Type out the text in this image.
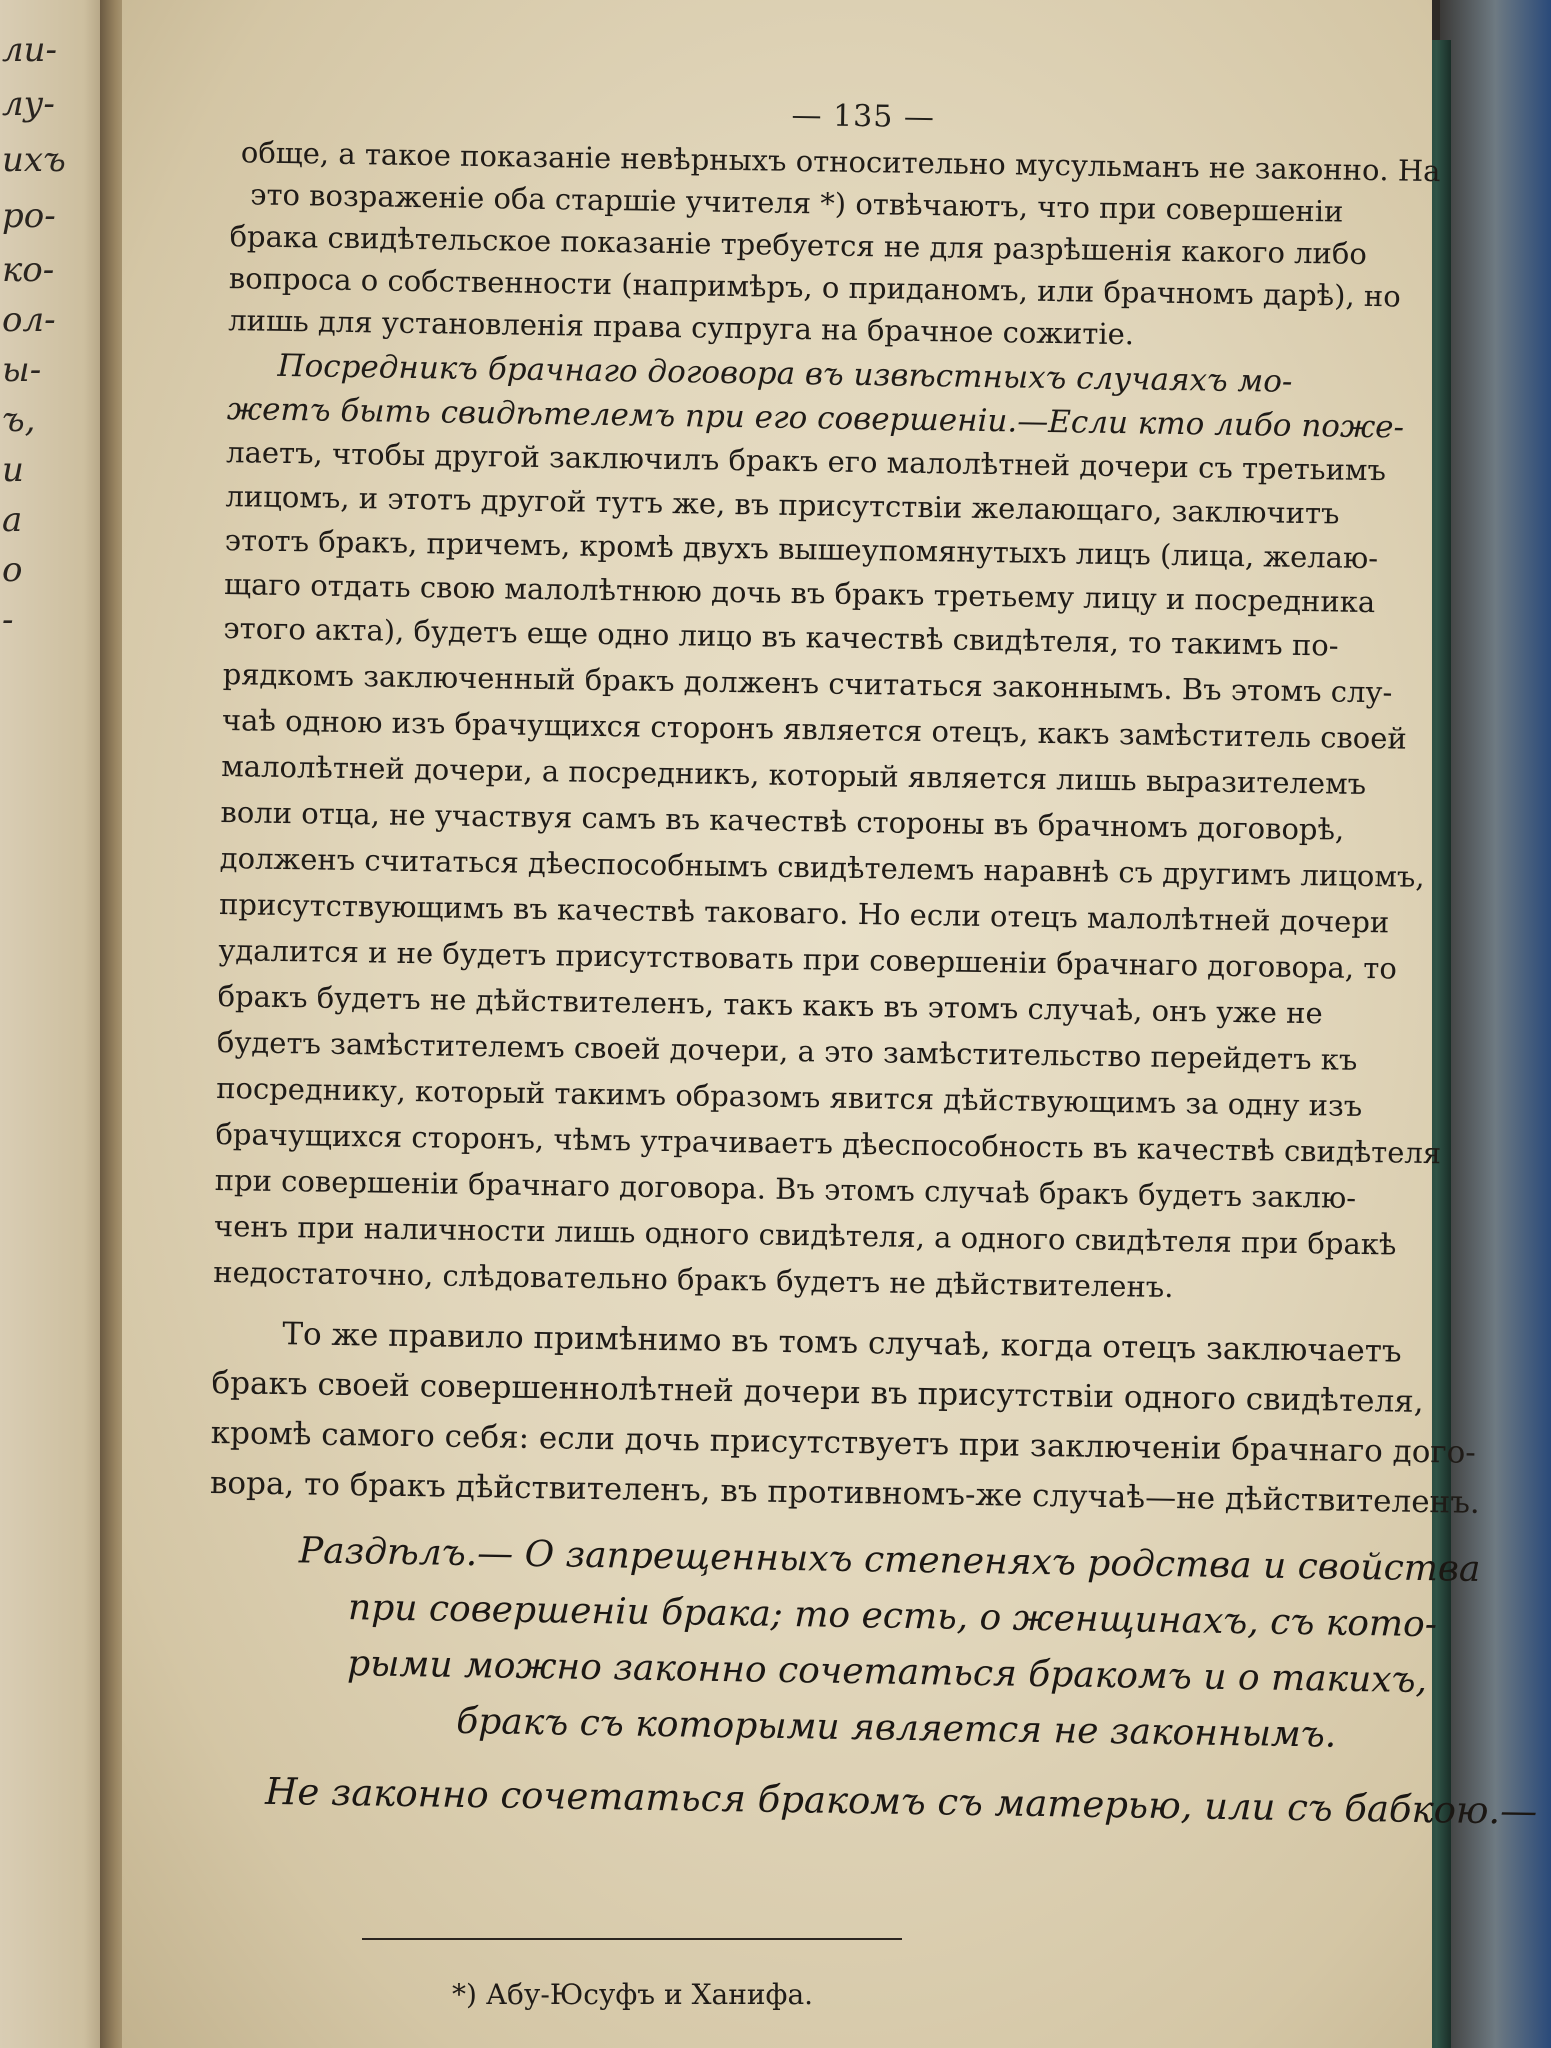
ли-
лу-
ихъ
ро-
ко-
ол-
ы-
ъ,
и
а
о
-
— 135 —
обще, а такое показаніе невѣрныхъ относительно мусульманъ не законно. На
это возраженіе оба старшіе учителя *) отвѣчаютъ, что при совершеніи
брака свидѣтельское показаніе требуется не для разрѣшенія какого либо
вопроса о собственности (напримѣръ, о приданомъ, или брачномъ дарѣ), но
лишь для установленія права супруга на брачное сожитіе.
Посредникъ брачнаго договора въ извѣстныхъ случаяхъ мо-
жетъ быть свидѣтелемъ при его совершеніи.—Если кто либо поже-
лаетъ, чтобы другой заключилъ бракъ его малолѣтней дочери съ третьимъ
лицомъ, и этотъ другой тутъ же, въ присутствіи желающаго, заключитъ
этотъ бракъ, причемъ, кромѣ двухъ вышеупомянутыхъ лицъ (лица, желаю-
щаго отдать свою малолѣтнюю дочь въ бракъ третьему лицу и посредника
этого акта), будетъ еще одно лицо въ качествѣ свидѣтеля, то такимъ по-
рядкомъ заключенный бракъ долженъ считаться законнымъ. Въ этомъ слу-
чаѣ одною изъ брачущихся сторонъ является отецъ, какъ замѣститель своей
малолѣтней дочери, а посредникъ, который является лишь выразителемъ
воли отца, не участвуя самъ въ качествѣ стороны въ брачномъ договорѣ,
долженъ считаться дѣеспособнымъ свидѣтелемъ наравнѣ съ другимъ лицомъ,
присутствующимъ въ качествѣ таковаго. Но если отецъ малолѣтней дочери
удалится и не будетъ присутствовать при совершеніи брачнаго договора, то
бракъ будетъ не дѣйствителенъ, такъ какъ въ этомъ случаѣ, онъ уже не
будетъ замѣстителемъ своей дочери, а это замѣстительство перейдетъ къ
посреднику, который такимъ образомъ явится дѣйствующимъ за одну изъ
брачущихся сторонъ, чѣмъ утрачиваетъ дѣеспособность въ качествѣ свидѣтеля
при совершеніи брачнаго договора. Въ этомъ случаѣ бракъ будетъ заклю-
ченъ при наличности лишь одного свидѣтеля, а одного свидѣтеля при бракѣ
недостаточно, слѣдовательно бракъ будетъ не дѣйствителенъ.
То же правило примѣнимо въ томъ случаѣ, когда отецъ заключаетъ
бракъ своей совершеннолѣтней дочери въ присутствіи одного свидѣтеля,
кромѣ самого себя: если дочь присутствуетъ при заключеніи брачнаго дого-
вора, то бракъ дѣйствителенъ, въ противномъ-же случаѣ—не дѣйствителенъ.
Раздѣлъ.— О запрещенныхъ степеняхъ родства и свойства
при совершеніи брака; то есть, о женщинахъ, съ кото-
рыми можно законно сочетаться бракомъ и о такихъ,
бракъ съ которыми является не законнымъ.
Не законно сочетаться бракомъ съ матерью, или съ бабкою.—
*) Абу-Юсуфъ и Ханифа.
